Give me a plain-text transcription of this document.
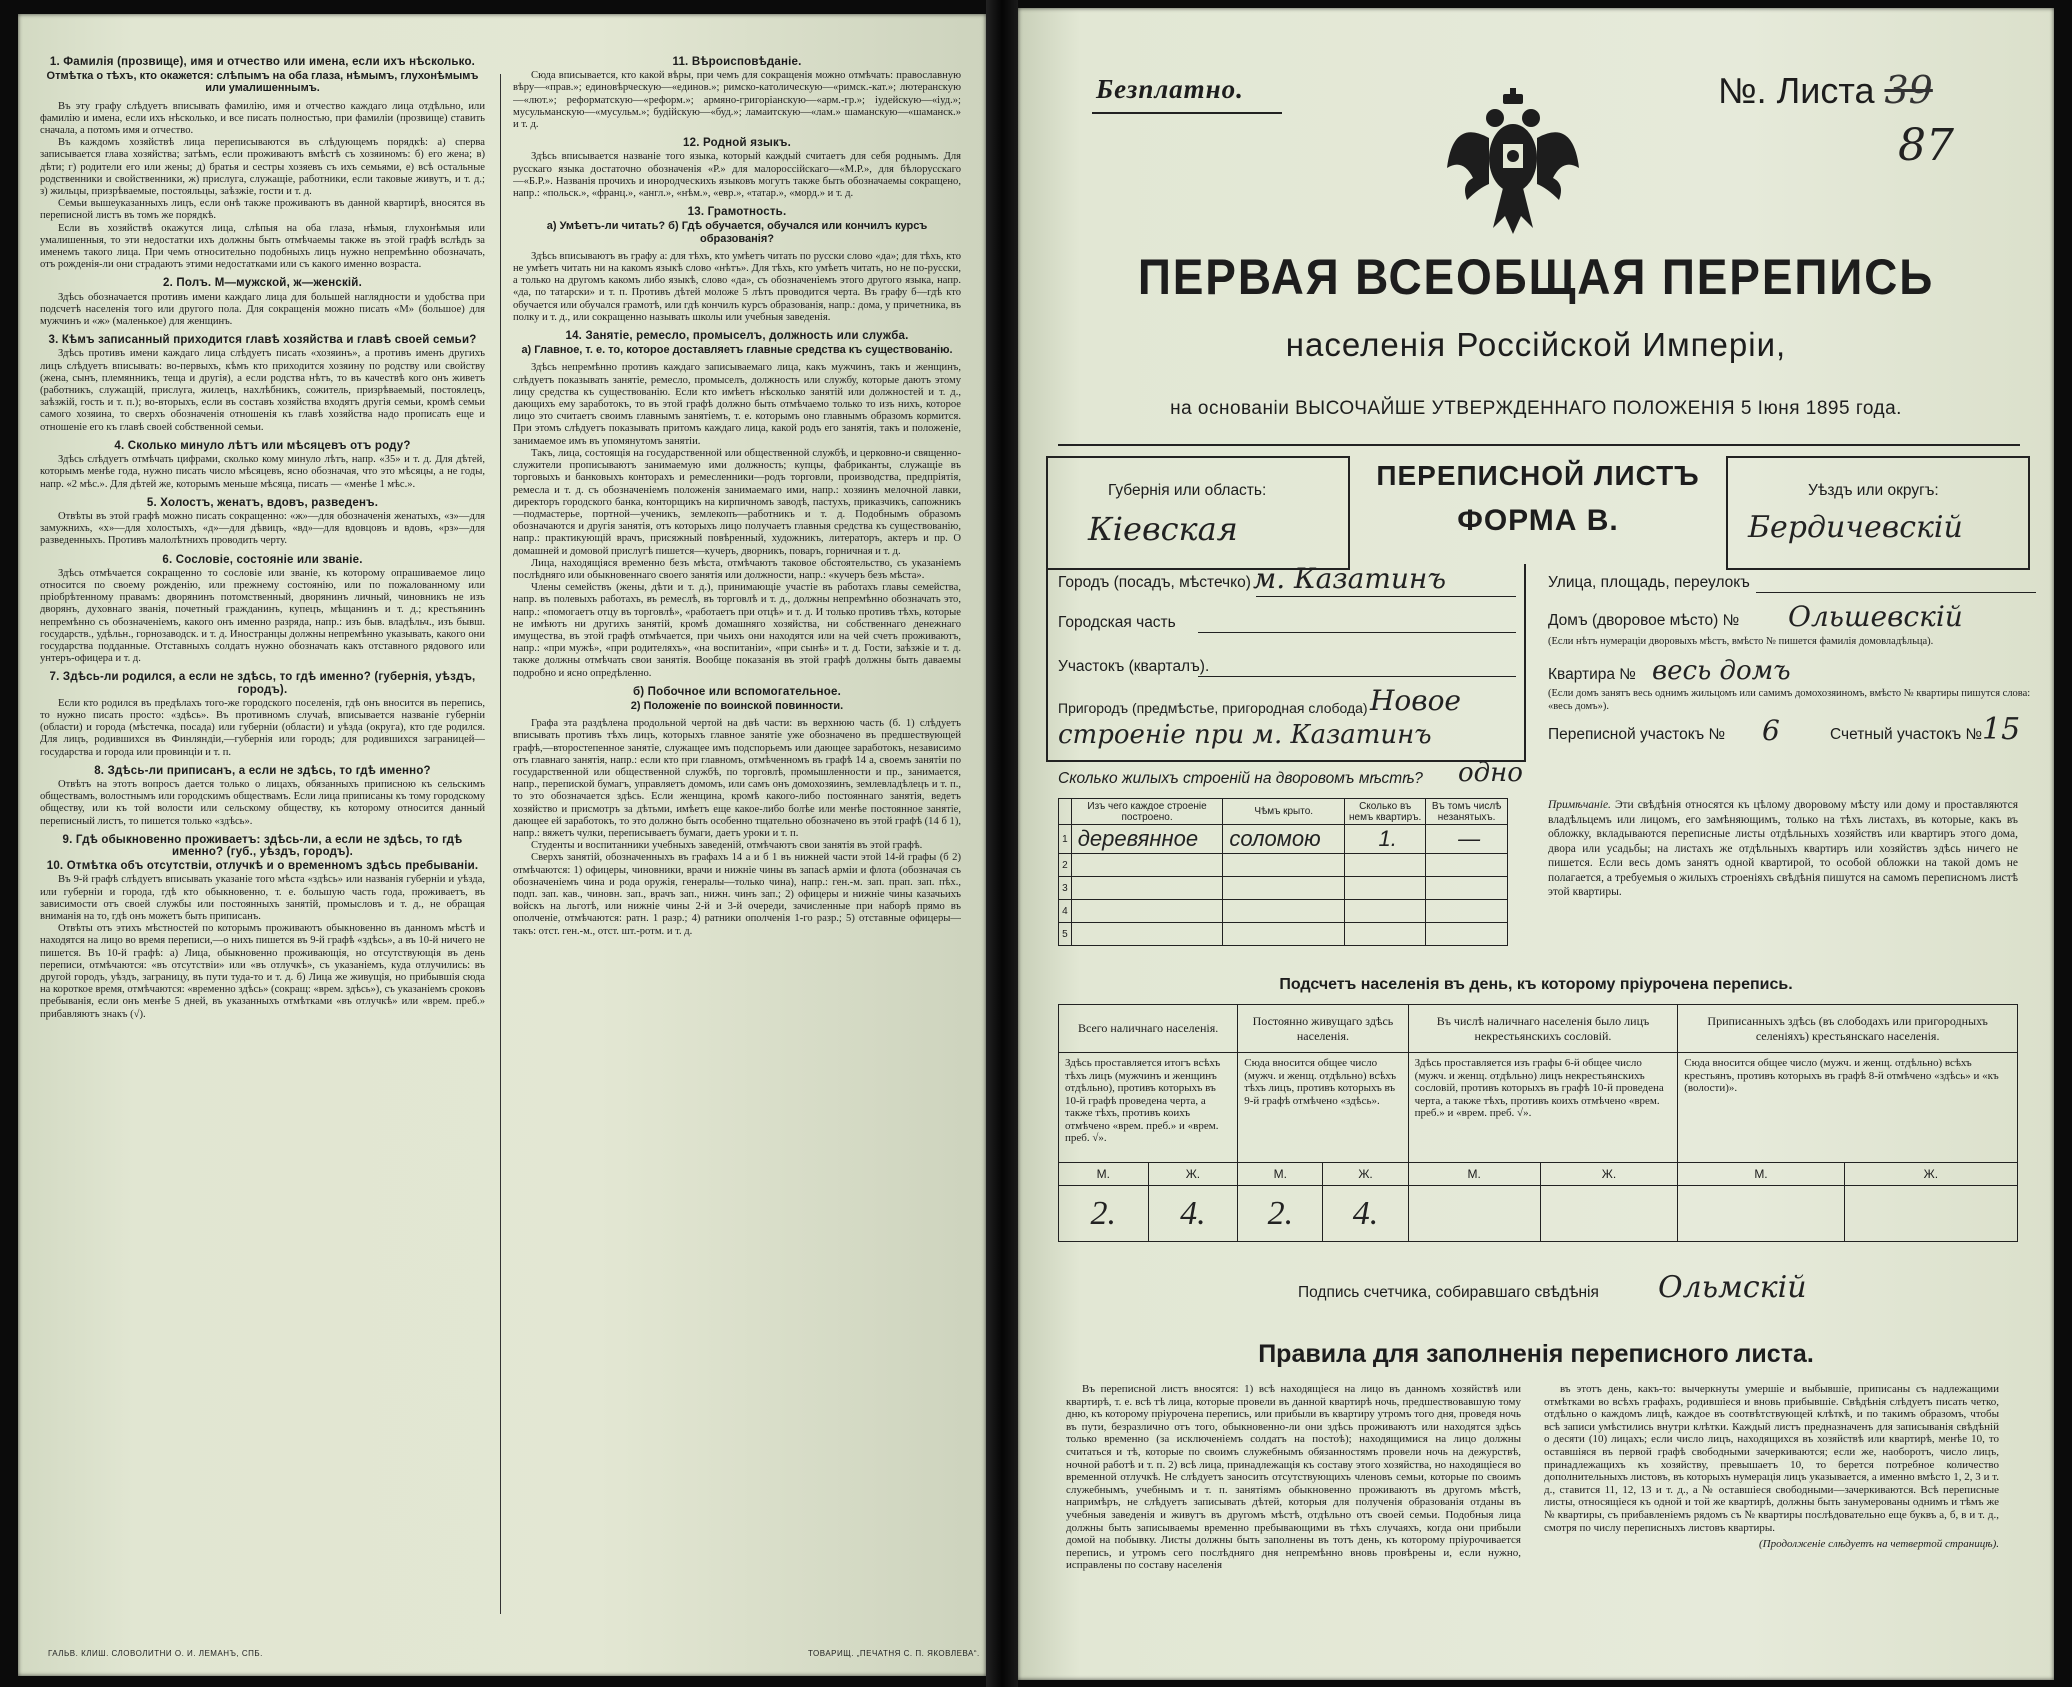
1. Фамилія (прозвище), имя и отчество или имена, если ихъ нѣсколько.
Отмѣтка о тѣхъ, кто окажется: слѣпымъ на оба глаза, нѣмымъ, глухонѣмымъ или умалишеннымъ.

Въ эту графу слѣдуетъ вписывать фамилію, имя и отчество каждаго лица отдѣльно, или фамилію и имена, если ихъ нѣсколько, и все писать полностью, при фамиліи (прозвище) ставить сначала, а потомъ имя и отчество.

Въ каждомъ хозяйствѣ лица переписываются въ слѣдующемъ порядкѣ: а) сперва записывается глава хозяйства; затѣмъ, если проживаютъ вмѣстѣ съ хозяиномъ: б) его жена; в) дѣти; г) родители его или жены; д) братья и сестры хозяевъ съ ихъ семьями, е) всѣ остальные родственники и свойственники, ж) прислуга, служащіе, работники, если таковые живутъ, и т. д.; з) жильцы, призрѣваемые, постояльцы, заѣзжіе, гости и т. д.

Семьи вышеуказанныхъ лицъ, если онѣ также проживаютъ въ данной квартирѣ, вносятся въ переписной листъ въ томъ же порядкѣ.

Если въ хозяйствѣ окажутся лица, слѣпыя на оба глаза, нѣмыя, глухонѣмыя или умалишенныя, то эти недостатки ихъ должны быть отмѣчаемы также въ этой графѣ вслѣдъ за именемъ такого лица. При чемъ относительно подобныхъ лицъ нужно непремѣнно обозначать, отъ рожденія-ли они страдаютъ этими недостатками или съ какого именно возраста.

2. Полъ. М—мужской, ж—женскій.

Здѣсь обозначается противъ имени каждаго лица для большей наглядности и удобства при подсчетѣ населенія того или другого пола. Для сокращенія можно писать «М» (большое) для мужчинъ и «ж» (маленькое) для женщинъ.

3. Кѣмъ записанный приходится главѣ хозяйства и главѣ своей семьи?

Здѣсь противъ имени каждаго лица слѣдуетъ писать «хозяинъ», а противъ именъ другихъ лицъ слѣдуетъ вписывать: во-первыхъ, кѣмъ кто приходится хозяину по родству или свойству (жена, сынъ, племянникъ, теща и другія), а если родства нѣтъ, то въ качествѣ кого онъ живетъ (работникъ, служащій, прислуга, жилецъ, нахлѣбникъ, сожитель, призрѣваемый, постоялецъ, заѣзжій, гость и т. п.); во-вторыхъ, если въ составъ хозяйства входятъ другія семьи, кромѣ семьи самого хозяина, то сверхъ обозначенія отношенія къ главѣ хозяйства надо прописать еще и отношеніе его къ главѣ своей собственной семьи.

4. Сколько минуло лѣтъ или мѣсяцевъ отъ роду?

Здѣсь слѣдуетъ отмѣчать цифрами, сколько кому минуло лѣтъ, напр. «35» и т. д. Для дѣтей, которымъ менѣе года, нужно писать число мѣсяцевъ, ясно обозначая, что это мѣсяцы, а не годы, напр. «2 мѣс.». Для дѣтей же, которымъ меньше мѣсяца, писать — «менѣе 1 мѣс.».

5. Холостъ, женатъ, вдовъ, разведенъ.

Отвѣты въ этой графѣ можно писать сокращенно: «ж»—для обозначенія женатыхъ, «з»—для замужнихъ, «х»—для холостыхъ, «д»—для дѣвицъ, «вд»—для вдовцовъ и вдовъ, «рз»—для разведенныхъ. Противъ малолѣтнихъ проводить черту.

6. Сословіе, состояніе или званіе.

Здѣсь отмѣчается сокращенно то сословіе или званіе, къ которому опрашиваемое лицо относится по своему рожденію, или прежнему состоянію, или по пожалованному или пріобрѣтенному правамъ: дворянинъ потомственный, дворянинъ личный, чиновникъ не изъ дворянъ, духовнаго званія, почетный гражданинъ, купецъ, мѣщанинъ и т. д.; крестьянинъ непремѣнно съ обозначеніемъ, какого онъ именно разряда, напр.: изъ быв. владѣльч., изъ бывш. государств., удѣльн., горнозаводск. и т. д. Иностранцы должны непремѣнно указывать, какого они государства подданные. Отставныхъ солдатъ нужно обозначать какъ отставного рядового или унтеръ-офицера и т. д.

7. Здѣсь-ли родился, а если не здѣсь, то гдѣ именно? (губернія, уѣздъ, городъ).

Если кто родился въ предѣлахъ того-же городского поселенія, гдѣ онъ вносится въ перепись, то нужно писать просто: «здѣсь». Въ противномъ случаѣ, вписывается названіе губерніи (области) и города (мѣстечка, посада) или губерніи (области) и уѣзда (округа), кто где родился. Для лицъ, родившихся въ Финляндіи,—губернія или городъ; для родившихся заграницей—государства и города или провинціи и т. п.

8. Здѣсь-ли приписанъ, а если не здѣсь, то гдѣ именно?

Отвѣтъ на этотъ вопросъ дается только о лицахъ, обязанныхъ приписною къ сельскимъ обществамъ, волостнымъ или городскимъ обществамъ. Если лица приписаны къ тому городскому обществу, или къ той волости или сельскому обществу, къ которому относится данный переписный листъ, то пишется только «здѣсь».

9. Гдѣ обыкновенно проживаетъ: здѣсь-ли, а если не здѣсь, то гдѣ именно? (губ., уѣздъ, городъ).
10. Отмѣтка объ отсутствіи, отлучкѣ и о временномъ здѣсь пребываніи.

Въ 9-й графѣ слѣдуетъ вписывать указаніе того мѣста «здѣсь» или названія губерніи и уѣзда, или губерніи и города, гдѣ кто обыкновенно, т. е. большую часть года, проживаетъ, въ зависимости отъ своей службы или постоянныхъ занятій, промысловъ и т. д., не обращая вниманія на то, гдѣ онъ можетъ быть приписанъ.

Отвѣты отъ этихъ мѣстностей по которымъ проживаютъ обыкновенно въ данномъ мѣстѣ и находятся на лицо во время переписи,—о нихъ пишется въ 9-й графѣ «здѣсь», а въ 10-й ничего не пишется. Въ 10-й графѣ: а) Лица, обыкновенно проживающія, но отсутствующія въ день переписи, отмѣчаются: «въ отсутствіи» или «въ отлучкѣ», съ указаніемъ, куда отлучились: въ другой городъ, уѣздъ, заграницу, въ пути туда-то и т. д. б) Лица же живущія, но прибывшія сюда на короткое время, отмѣчаются: «временно здѣсь» (сокращ: «врем. здѣсь»), съ указаніемъ сроковъ пребыванія, если онъ менѣе 5 дней, въ указанныхъ отмѣтками «въ отлучкѣ» или «врем. преб.» прибавляютъ знакъ (√).

11. Вѣроисповѣданіе.

Сюда вписывается, кто какой вѣры, при чемъ для сокращенія можно отмѣчать: православную вѣру—«прав.»; единовѣрческую—«единов.»; римско-католическую—«римск.-кат.»; лютеранскую—«лют.»; реформатскую—«реформ.»; армяно-григоріанскую—«арм.-гр.»; іудейскую—«іуд.»; мусульманскую—«мусульм.»; будійскую—«буд.»; ламаитскую—«лам.» шаманскую—«шаманск.» и т. д.

12. Родной языкъ.

Здѣсь вписывается названіе того языка, который каждый считаетъ для себя роднымъ. Для русскаго языка достаточно обозначенія «Р.» для малороссійскаго—«М.Р.», для бѣлорусскаго—«Б.Р.». Названія прочихъ и инородческихъ языковъ могутъ также быть обозначаемы сокращено, напр.: «польск.», «франц.», «англ.», «нѣм.», «евр.», «татар.», «морд.» и т. д.

13. Грамотность.
а) Умѣетъ-ли читать? б) Гдѣ обучается, обучался или кончилъ курсъ образованія?

Здѣсь вписываютъ въ графу а: для тѣхъ, кто умѣетъ читать по русски слово «да»; для тѣхъ, кто не умѣетъ читать ни на какомъ языкѣ слово «нѣтъ». Для тѣхъ, кто умѣетъ читать, но не по-русски, а только на другомъ какомъ либо языкѣ, слово «да», съ обозначеніемъ этого другого языка, напр. «да, по татарски» и т. п. Противъ дѣтей моложе 5 лѣтъ проводится черта. Въ графу б—гдѣ кто обучается или обучался грамотѣ, или гдѣ кончилъ курсъ образованія, напр.: дома, у причетника, въ полку и т. д., или сокращенно называть школы или учебныя заведенія.

14. Занятіе, ремесло, промыселъ, должность или служба.
а) Главное, т. е. то, которое доставляетъ главные средства къ существованію.

Здѣсь непремѣнно противъ каждаго записываемаго лица, какъ мужчинъ, такъ и женщинъ, слѣдуетъ показывать занятіе, ремесло, промыселъ, должность или службу, которые даютъ этому лицу средства къ существованію. Если кто имѣетъ нѣсколько занятій или должностей и т. д., дающихъ ему заработокъ, то въ этой графѣ должно быть отмѣчаемо только то изъ нихъ, которое лицо это считаетъ своимъ главнымъ занятіемъ, т. е. которымъ оно главнымъ образомъ кормится. При этомъ слѣдуетъ показывать притомъ каждаго лица, какой родъ его занятія, такъ и положеніе, занимаемое имъ въ упомянутомъ занятіи.

Такъ, лица, состоящія на государственной или общественной службѣ, и церковно-и священно-служители прописываютъ занимаемую ими должность; купцы, фабриканты, служащіе въ торговыхъ и банковыхъ конторахъ и ремесленники—родъ торговли, производства, предпріятія, ремесла и т. д. съ обозначеніемъ положенія занимаемаго ими, напр.: хозяинъ мелочной лавки, директоръ городского банка, конторщикъ на кирпичномъ заводѣ, пастухъ, приказчикъ, сапожникъ—подмастерье, портной—ученикъ, землекопъ—работникъ и т. д. Подобнымъ образомъ обозначаются и другія занятія, отъ которыхъ лицо получаетъ главныя средства къ существованію, напр.: практикующій врачъ, присяжный повѣренный, художникъ, литераторъ, актеръ и пр. О домашней и домовой прислугѣ пишется—кучеръ, дворникъ, поваръ, горничная и т. д.

Лица, находящіяся временно безъ мѣста, отмѣчаютъ таковое обстоятельство, съ указаніемъ послѣдняго или обыкновеннаго своего занятія или должности, напр.: «кучеръ безъ мѣста».

Члены семействъ (жены, дѣти и т. д.), принимающіе участіе въ работахъ главы семейства, напр. въ полевыхъ работахъ, въ ремеслѣ, въ торговлѣ и т. д., должны непремѣнно обозначать это, напр.: «помогаетъ отцу въ торговлѣ», «работаетъ при отцѣ» и т. д. И только противъ тѣхъ, которые не имѣютъ ни другихъ занятій, кромѣ домашняго хозяйства, ни собственнаго денежнаго имущества, въ этой графѣ отмѣчается, при чьихъ они находятся или на чей счетъ проживаютъ, напр.: «при мужѣ», «при родителяхъ», «на воспитаніи», «при сынѣ» и т. д. Гости, заѣзжіе и т. д. также должны отмѣчать свои занятія. Вообще показанія въ этой графѣ должны быть даваемы подробно и ясно опредѣленно.

б) Побочное или вспомогательное.
2) Положеніе по воинской повинности.

Графа эта раздѣлена продольной чертой на двѣ части: въ верхнюю часть (б. 1) слѣдуетъ вписывать противъ тѣхъ лицъ, которыхъ главное занятіе уже обозначено въ предшествующей графѣ,—второстепенное занятіе, служащее имъ подспорьемъ или дающее заработокъ, независимо отъ главнаго занятія, напр.: если кто при главномъ, отмѣченномъ въ графѣ 14 а, своемъ занятіи по государственной или общественной службѣ, по торговлѣ, промышленности и пр., занимается, напр., перепиской бумагъ, управляетъ домомъ, или самъ онъ домохозяинъ, землевладѣлецъ и т. п., то это обозначается здѣсь. Если женщина, кромѣ какого-либо постояннаго занятія, ведетъ хозяйство и присмотръ за дѣтьми, имѣетъ еще какое-либо болѣе или менѣе постоянное занятіе, дающее ей заработокъ, то это должно быть особенно тщательно обозначено въ этой графѣ (14 б 1), напр.: вяжетъ чулки, переписываетъ бумаги, даетъ уроки и т. п.

Студенты и воспитанники учебныхъ заведеній, отмѣчаютъ свои занятія въ этой графѣ.

Сверхъ занятій, обозначенныхъ въ графахъ 14 а и б 1 въ нижней части этой 14-й графы (б 2) отмѣчаются: 1) офицеры, чиновники, врачи и нижніе чины въ запасѣ арміи и флота (обозначая съ обозначеніемъ чина и рода оружія, генералы—только чина), напр.: ген.-м. зап. прап. зап. пѣх., подп. зап. кав., чиновн. зап., врачъ зап., нижн. чинъ зап.; 2) офицеры и нижніе чины казачьихъ войскъ на льготѣ, или нижніе чины 2-й и 3-й очереди, зачисленные при наборѣ прямо въ ополченіе, отмѣчаются: ратн. 1 разр.; 4) ратники ополченія 1-го разр.; 5) отставные офицеры—такъ: отст. ген.-м., отст. шт.-ротм. и т. д.

ГАЛЬВ. КЛИШ. СЛОВОЛИТНИ О. И. ЛЕМАНЪ, СПБ.	ТОВАРИЩ. „ПЕЧАТНЯ С. П. ЯКОВЛЕВА“.
Безплатно.	№. Листа 39
87
ПЕРВАЯ ВСЕОБЩАЯ ПЕРЕПИСЬ
населенія Россійской Имперіи,
на основаніи ВЫСОЧАЙШЕ УТВЕРЖДЕННАГО ПОЛОЖЕНІЯ 5 Іюня 1895 года.
Губернія или область:
Кіевская
ПЕРЕПИСНОЙ ЛИСТЪ
ФОРМА В.
Уѣздъ или округъ:
Бердичевскій
Городъ (посадъ, мѣстечко) м. Казатинъ
Городская часть
Участокъ (кварталъ).
Пригородъ (предмѣстье, пригородная слобода) Новое
строеніе при м. Казатинъ
Улица, площадь, переулокъ
Домъ (дворовое мѣсто) № Ольшевскій
(Если нѣтъ нумераціи дворовыхъ мѣстъ, вмѣсто № пишется фамилія домовладѣльца).
Квартира № весь домъ
(Если домъ занятъ весь однимъ жильцомъ или самимъ домохозяиномъ, вмѣсто № квартиры пишутся слова: «весь домъ»).
Переписной участокъ № 6	Счетный участокъ № 15
Сколько жилыхъ строеній на дворовомъ мѣстѣ? одно
	Изъ чего каждое строеніе построено.	Чѣмъ крыто.	Сколько въ немъ квартиръ.	Въ томъ числѣ незанятыхъ.
1	деревянное	соломою	1.	—
2				
3				
4				
5				
Примѣчаніе. Эти свѣдѣнія относятся къ цѣлому дворовому мѣсту или дому и проставляются владѣльцемъ или лицомъ, его замѣняющимъ, только на тѣхъ листахъ, въ которые, какъ въ обложку, вкладываются переписные листы отдѣльныхъ хозяйствъ или квартиръ этого дома, двора или усадьбы; на листахъ же отдѣльныхъ квартиръ или хозяйствъ здѣсь ничего не пишется. Если весь домъ занятъ одной квартирой, то особой обложки на такой домъ не полагается, а требуемыя о жилыхъ строеніяхъ свѣдѣнія пишутся на самомъ переписномъ листѣ этой квартиры.
Подсчетъ населенія въ день, къ которому пріурочена перепись.
Всего наличнаго населенія.		Постоянно живущаго здѣсь населенія.		Въ числѣ наличнаго населенія было лицъ некрестьянскихъ сословій.		Приписанныхъ здѣсь (въ слободахъ или пригородныхъ селеніяхъ) крестьянскаго населенія.	
Здѣсь проставляется итогъ всѣхъ тѣхъ лицъ (мужчинъ и женщинъ отдѣльно), противъ которыхъ въ 10-й графѣ проведена черта, а также тѣхъ, противъ коихъ отмѣчено «врем. преб.» и «врем. преб. √».		Сюда вносится общее число (мужч. и женщ. отдѣльно) всѣхъ тѣхъ лицъ, противъ которыхъ въ 9-й графѣ отмѣчено «здѣсь».		Здѣсь проставляется изъ графы 6-й общее число (мужч. и женщ. отдѣльно) лицъ некрестьянскихъ сословій, противъ которыхъ въ графѣ 10-й проведена черта, а также тѣхъ, противъ коихъ отмѣчено «врем. преб.» и «врем. преб. √».		Сюда вносится общее число (мужч. и женщ. отдѣльно) всѣхъ крестьянъ, противъ которыхъ въ графѣ 8-й отмѣчено «здѣсь» и «къ (волости)».	
М.	Ж.	М.	Ж.	М.	Ж.	М.	Ж.
2.	4.	2.	4.				
Подпись счетчика, собиравшаго свѣдѣнія Ольмскій
Правила для заполненія переписного листа.

Въ переписной листъ вносятся: 1) всѣ находящіеся на лицо въ данномъ хозяйствѣ или квартирѣ, т. е. всѣ тѣ лица, которые провели въ данной квартирѣ ночь, предшествовавшую тому дню, къ которому пріурочена перепись, или прибыли въ квартиру утромъ того дня, проведя ночь въ пути, безразлично отъ того, обыкновенно-ли они здѣсь проживаютъ или находятся здѣсь только временно (за исключеніемъ солдатъ на постоѣ); находящимися на лицо должны считаться и тѣ, которые по своимъ служебнымъ обязанностямъ провели ночь на дежурствѣ, ночной работѣ и т. п. 2) всѣ лица, принадлежащія къ составу этого хозяйства, но находящіеся во временной отлучкѣ. Не слѣдуетъ заносить отсутствующихъ членовъ семьи, которые по своимъ служебнымъ, учебнымъ и т. п. занятіямъ обыкновенно проживаютъ въ другомъ мѣстѣ, напримѣръ, не слѣдуетъ записывать дѣтей, которыя для полученія образованія отданы въ учебныя заведенія и живутъ въ другомъ мѣстѣ, отдѣльно отъ своей семьи. Подобныя лица должны быть записываемы временно пребывающими въ тѣхъ случаяхъ, когда они прибыли домой на побывку. Листы должны быть заполнены въ тотъ день, къ которому пріурочивается перепись, и утромъ сего послѣдняго дня непремѣнно вновь провѣрены и, если нужно, исправлены по составу населенія

въ этотъ день, какъ-то: вычеркнуты умершіе и выбывшіе, приписаны съ надлежащими отмѣтками во всѣхъ графахъ, родившіеся и вновь прибывшіе. Свѣдѣнія слѣдуетъ писать четко, отдѣльно о каждомъ лицѣ, каждое въ соотвѣтствующей клѣткѣ, и по такимъ образомъ, чтобы всѣ записи умѣстились внутри клѣтки. Каждый листъ предназначенъ для записыванія свѣдѣній о десяти (10) лицахъ; если число лицъ, находящихся въ хозяйствѣ или квартирѣ, менѣе 10, то оставшіяся въ первой графѣ свободными зачеркиваются; если же, наоборотъ, число лицъ, принадлежащихъ къ хозяйству, превышаетъ 10, то берется потребное количество дополнительныхъ листовъ, въ которыхъ нумерація лицъ указывается, а именно вмѣсто 1, 2, 3 и т. д., ставится 11, 12, 13 и т. д., а № оставшіеся свободными—зачеркиваются. Всѣ переписные листы, относящіеся къ одной и той же квартирѣ, должны быть занумерованы однимъ и тѣмъ же № квартиры, съ прибавленіемъ рядомъ съ № квартиры послѣдовательно еще буквъ а, б, в и т. д., смотря по числу переписныхъ листовъ квартиры.

(Продолженіе слѣдуетъ на четвертой страницѣ).
